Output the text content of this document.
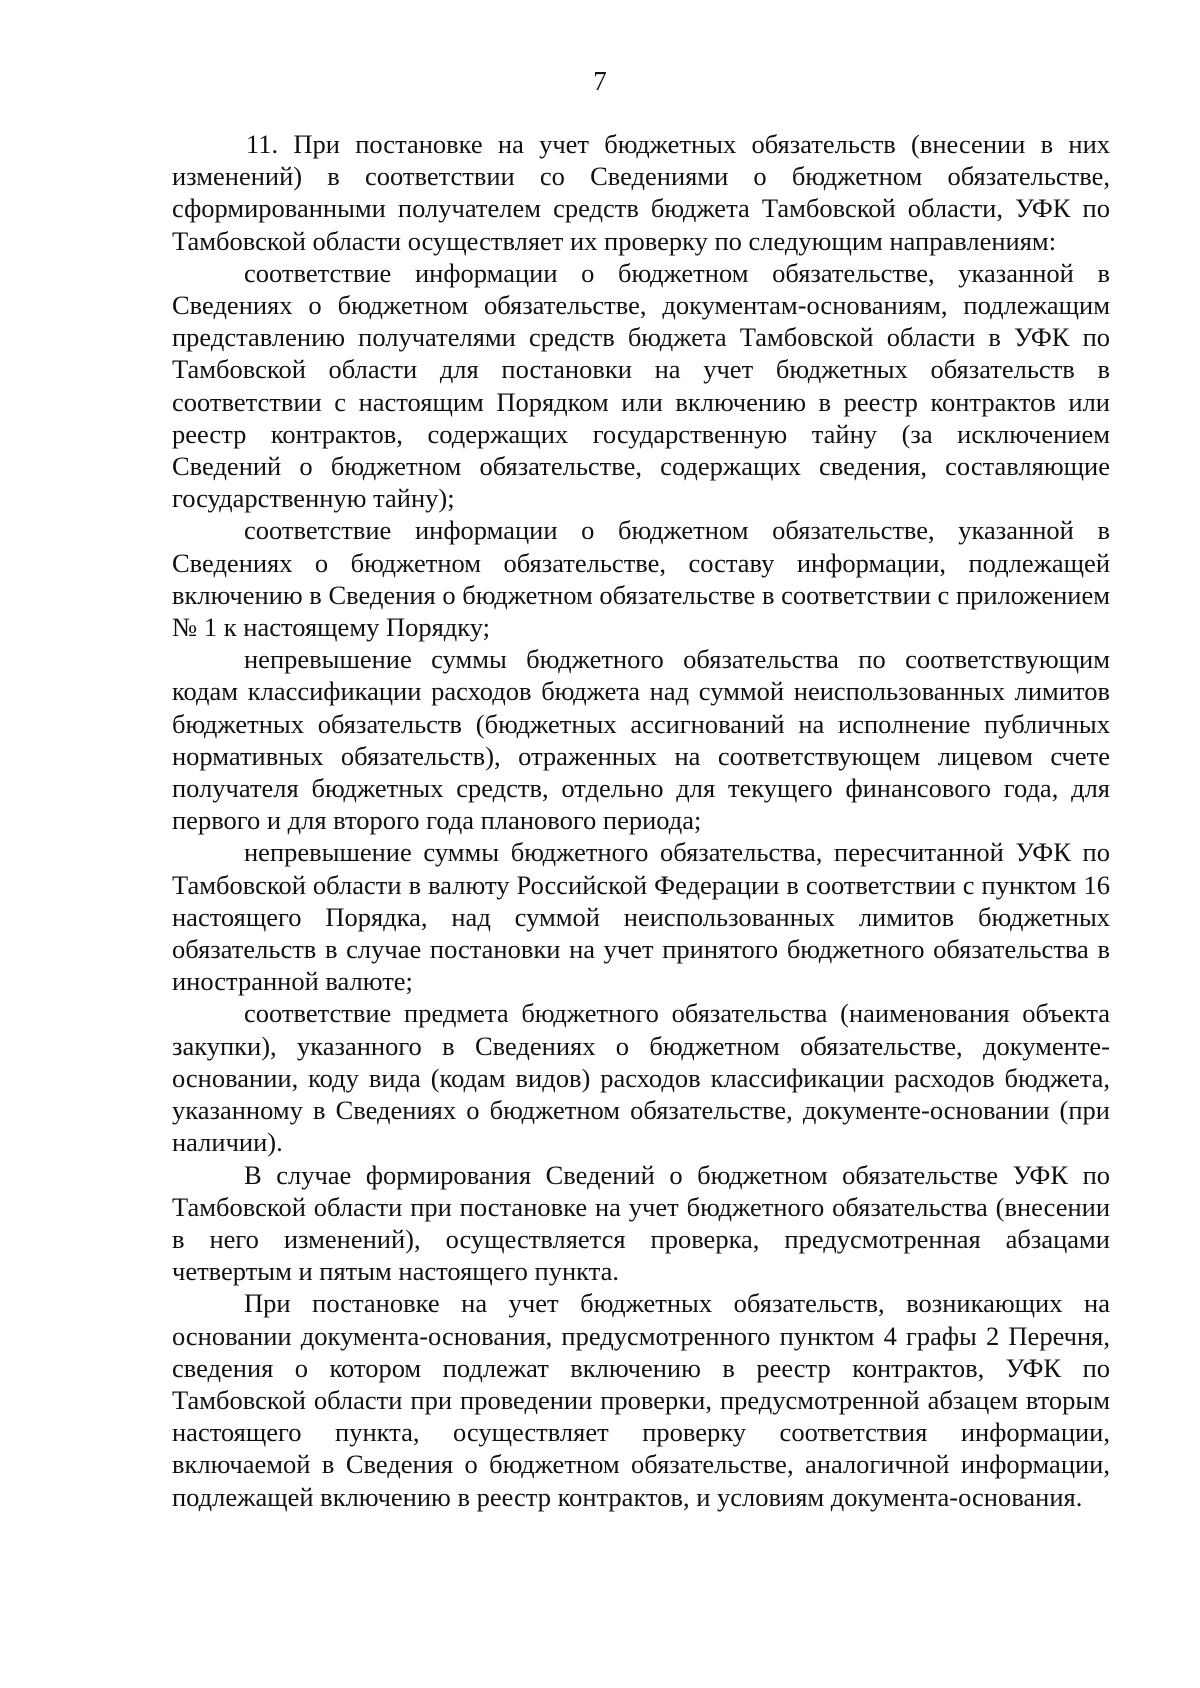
7

11. При постановке на учет бюджетных обязательств (внесении в них изменений) в соответствии со Сведениями о бюджетном обязательстве, сформированными получателем средств бюджета Тамбовской области, УФК по Тамбовской области осуществляет их проверку по следующим направлениям:

соответствие информации о бюджетном обязательстве, указанной в Сведениях о бюджетном обязательстве, документам-основаниям, подлежащим представлению получателями средств бюджета Тамбовской области в УФК по Тамбовской области для постановки на учет бюджетных обязательств в соответствии с настоящим Порядком или включению в реестр контрактов или реестр контрактов, содержащих государственную тайну (за исключением Сведений о бюджетном обязательстве, содержащих сведения, составляющие государственную тайну);

соответствие информации о бюджетном обязательстве, указанной в Сведениях о бюджетном обязательстве, составу информации, подлежащей включению в Сведения о бюджетном обязательстве в соответствии с приложением № 1 к настоящему Порядку;

непревышение суммы бюджетного обязательства по соответствующим кодам классификации расходов бюджета над суммой неиспользованных лимитов бюджетных обязательств (бюджетных ассигнований на исполнение публичных нормативных обязательств), отраженных на соответствующем лицевом счете получателя бюджетных средств, отдельно для текущего финансового года, для первого и для второго года планового периода;

непревышение суммы бюджетного обязательства, пересчитанной УФК по Тамбовской области в валюту Российской Федерации в соответствии с пунктом 16 настоящего Порядка, над суммой неиспользованных лимитов бюджетных обязательств в случае постановки на учет принятого бюджетного обязательства в иностранной валюте;

соответствие предмета бюджетного обязательства (наименования объекта закупки), указанного в Сведениях о бюджетном обязательстве, документе-основании, коду вида (кодам видов) расходов классификации расходов бюджета, указанному в Сведениях о бюджетном обязательстве, документе-основании (при наличии).

В случае формирования Сведений о бюджетном обязательстве УФК по Тамбовской области при постановке на учет бюджетного обязательства (внесении в него изменений), осуществляется проверка, предусмотренная абзацами четвертым и пятым настоящего пункта.

При постановке на учет бюджетных обязательств, возникающих на основании документа-основания, предусмотренного пунктом 4 графы 2 Перечня, сведения о котором подлежат включению в реестр контрактов, УФК по Тамбовской области при проведении проверки, предусмотренной абзацем вторым настоящего пункта, осуществляет проверку соответствия информации, включаемой в Сведения о бюджетном обязательстве, аналогичной информации, подлежащей включению в реестр контрактов, и условиям документа-основания.
